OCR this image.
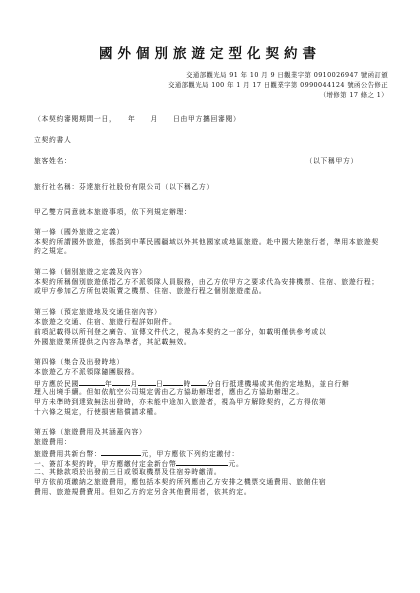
國外個別旅遊定型化契約書
交通部觀光局 91 年 10 月 9 日觀業字第 0910026947 號函訂頒
交通部觀光局 100 年 1 月 17 日觀業字第 0990044124 號函公告修正
（增修第 17 條之 1）
（本契約審閱期間一日，　　年　　月　　日由甲方攜回審閱）
立契約書人
旅客姓名：	（以下稱甲方）
旅行社名稱：芬達旅行社股份有限公司（以下稱乙方）
甲乙雙方同意就本旅遊事項，依下列規定辦理：
第一條（國外旅遊之定義）
本契約所謂國外旅遊，係指到中華民國疆域以外其他國家或地區旅遊。赴中國大陸旅行者，準用本旅遊契約之規定。
第二條（個別旅遊之定義及內容）
本契約所稱個別旅遊係指乙方不派領隊人員服務，由乙方依甲方之要求代為安排機票、住宿、旅遊行程；或甲方參加乙方所包裝販賣之機票、住宿、旅遊行程之個別旅遊產品。
第三條（預定旅遊地及交通住宿內容）
本旅遊之交通、住宿、旅遊行程詳如附件。
前項記載得以所刊登之廣告、宣傳文件代之，視為本契約之一部分，如載明僅供參考或以
外國旅遊業所提供之內容為準者，其記載無效。
第四條（集合及出發時地）
本旅遊乙方不派領隊隨團服務。
甲方應於民國	年	月	日	時 分自行抵達機場或其他約定地點，並自行辦
理入出境手續。但如依航空公司規定需由乙方協助辦理者，應由乙方協助辦理之。
甲方未準時到達致無法出發時，亦未能中途加入旅遊者，視為甲方解除契約，乙方得依第
十六條之規定，行使損害賠償請求權。
第五條（旅遊費用及其涵蓋內容）
旅遊費用：
旅遊費用共新台幣：	元，甲方應依下列約定繳付：
一、簽訂本契約時，甲方應繳付定金新台幣	元。
二、其餘款項於出發前三日或領取機票及住宿券時繳清。
甲方依前項繳納之旅遊費用，應包括本契約所列應由乙方安排之機票交通費用、旅館住宿
費用、旅遊規費費用。但如乙方約定另含其他費用者，依其約定。
